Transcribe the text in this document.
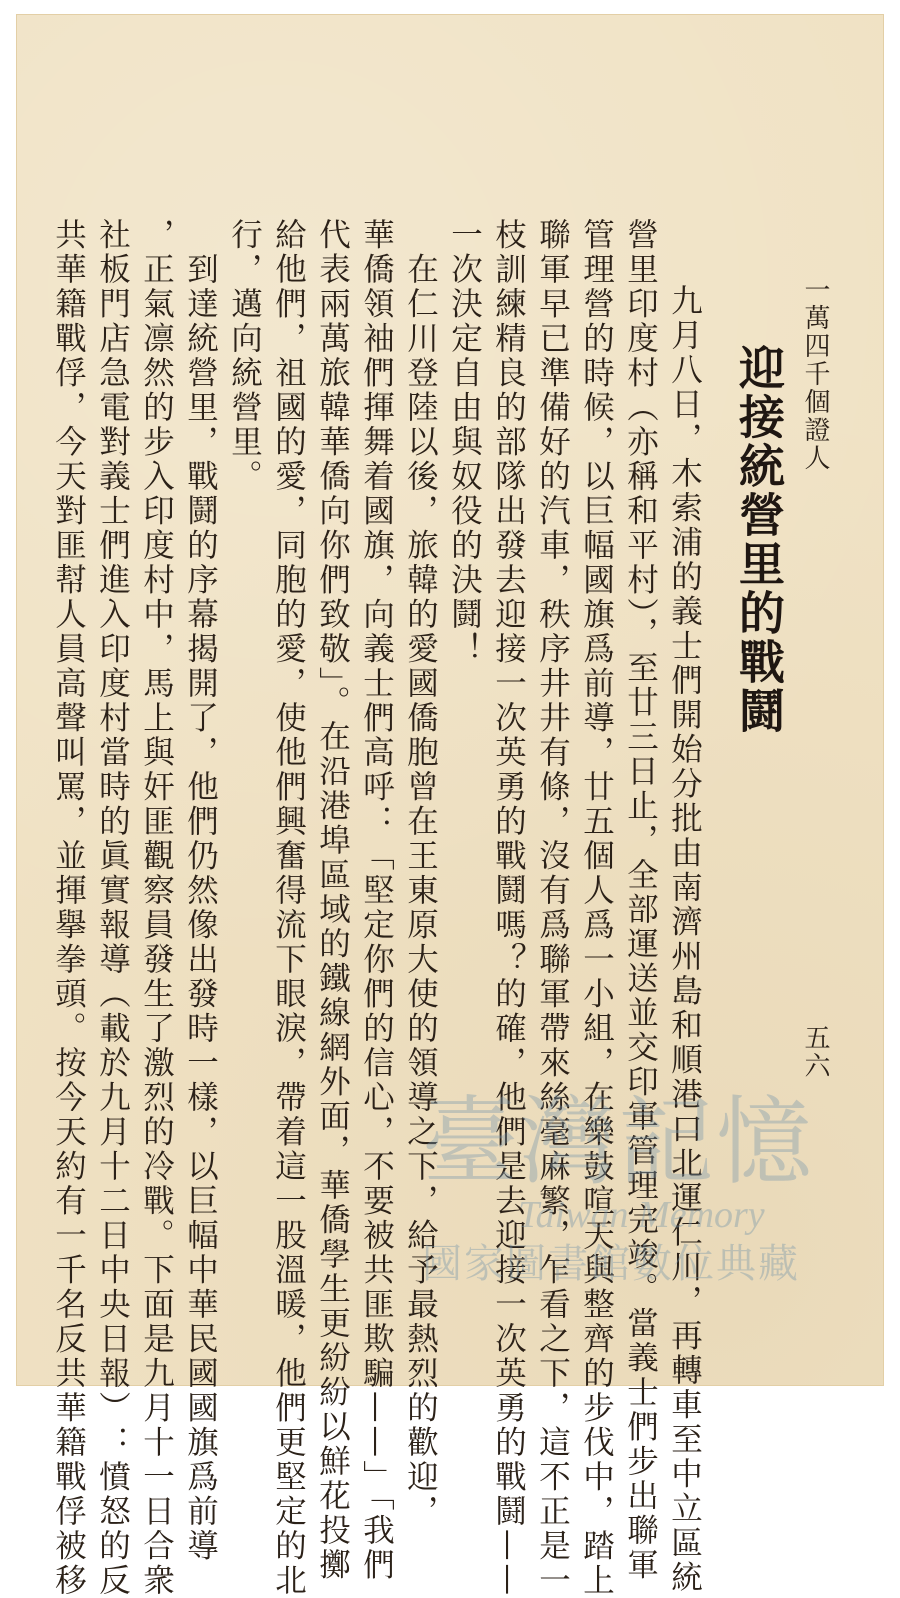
一萬四千個證人
五六
迎接統營里的戰鬪
九月八日，木索浦的義士們開始分批由南濟州島和順港口北運仁川，再轉車至中立區統
營里印度村（亦稱和平村），至廿三日止，全部運送並交印軍管理完竣。當義士們步出聯軍
管理營的時候，以巨幅國旗爲前導，廿五個人爲一小組，在樂鼓喧天與整齊的步伐中，踏上
聯軍早已準備好的汽車，秩序井井有條，沒有爲聯軍帶來絲毫麻繁，乍看之下，這不正是一
枝訓練精良的部隊出發去迎接一次英勇的戰鬪嗎？的確，他們是去迎接一次英勇的戰鬪——
一次決定自由與奴役的決鬪！
　在仁川登陸以後，旅韓的愛國僑胞曾在王東原大使的領導之下，給予最熱烈的歡迎，
華僑領袖們揮舞着國旗，向義士們高呼：「堅定你們的信心，不要被共匪欺騙——」「我們
代表兩萬旅韓華僑向你們致敬」。在沿港埠區域的鐵線網外面，華僑學生更紛紛以鮮花投擲
給他們，祖國的愛，同胞的愛，使他們興奮得流下眼淚，帶着這一股溫暖，他們更堅定的北
行，邁向統營里。
　到達統營里，戰鬪的序幕揭開了，他們仍然像出發時一樣，以巨幅中華民國國旗爲前導
，正氣凛然的步入印度村中，馬上與奸匪觀察員發生了激烈的冷戰。下面是九月十一日合衆
社板門店急電對義士們進入印度村當時的眞實報導（載於九月十二日中央日報）：憤怒的反
共華籍戰俘，今天對匪幇人員高聲叫罵，並揮擧拳頭。按今天約有一千名反共華籍戰俘被移	臺灣記憶
Taiwan Memory
國家圖書館數位典藏
